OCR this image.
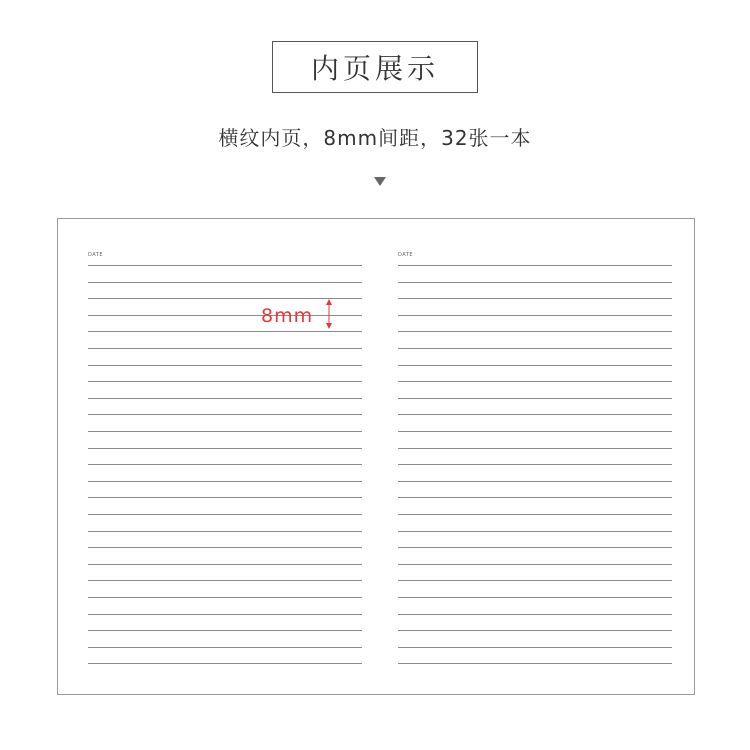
内页展示
横纹内页，8mm间距，32张一本
DATE
8mm
DATE
